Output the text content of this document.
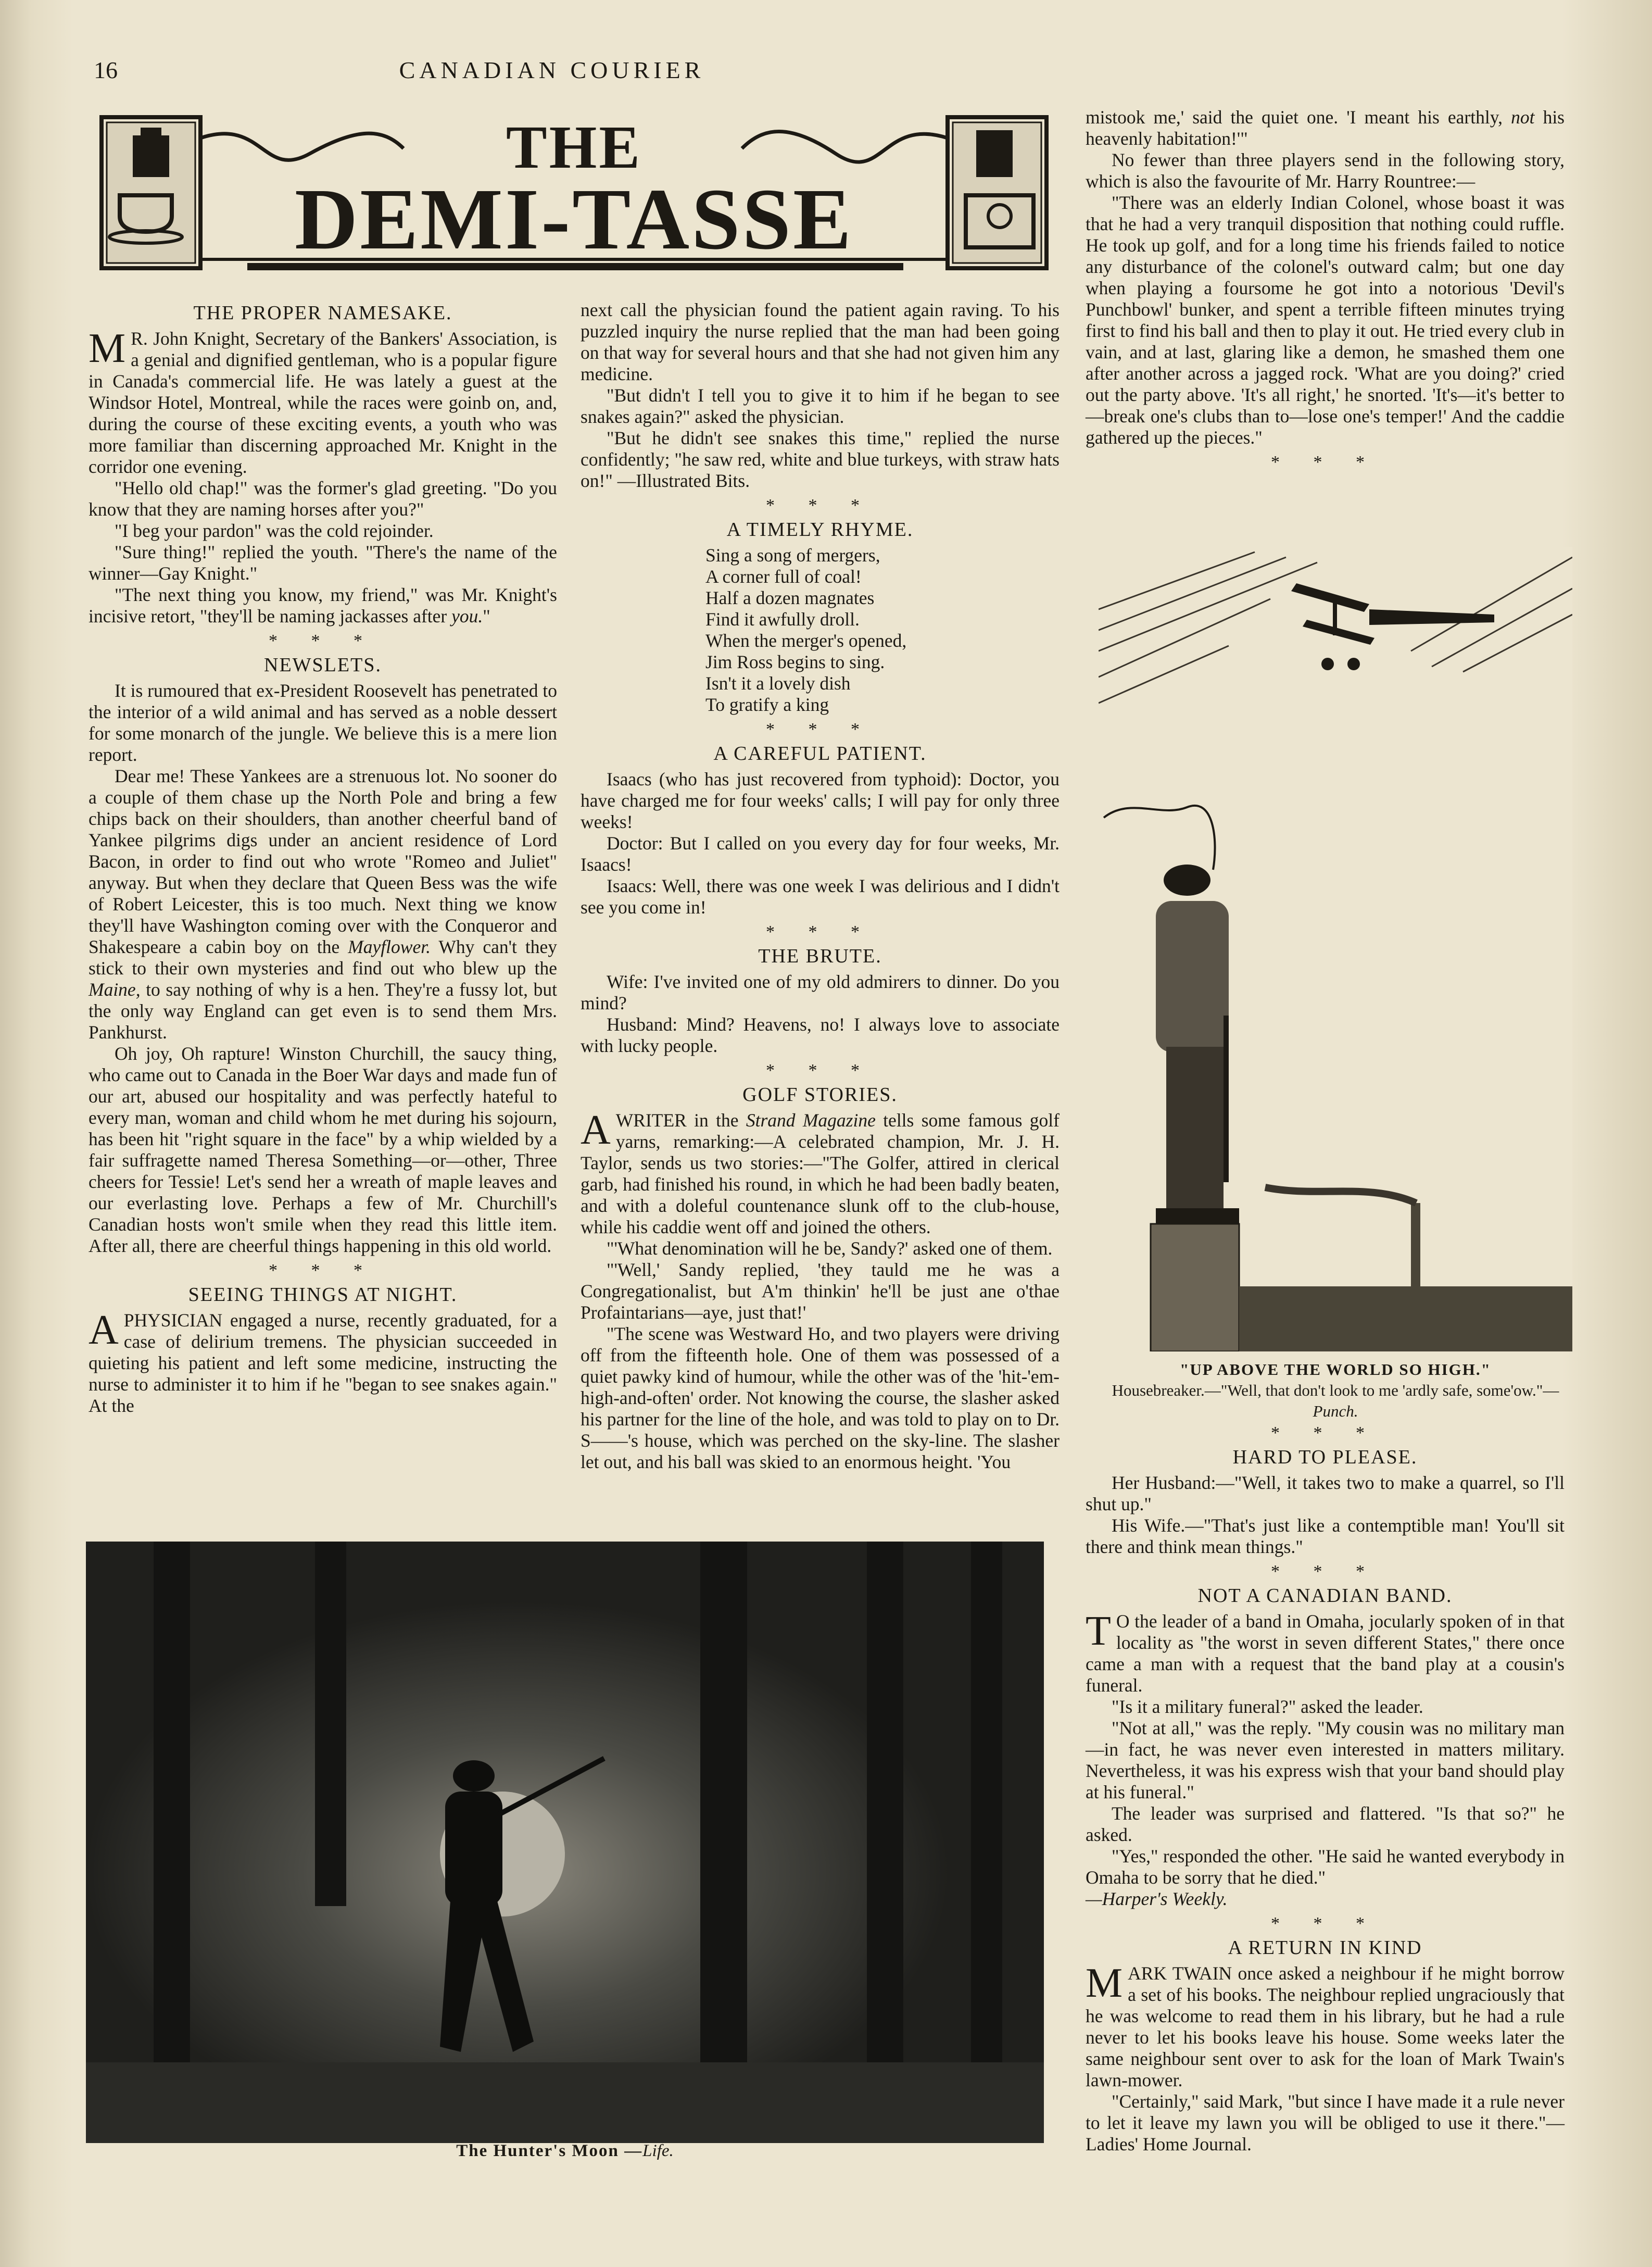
16	CANADIAN COURIER
THE
DEMI-TASSE
THE PROPER NAMESAKE.

M R. John Knight, Secretary of the Bankers' Association, is a genial and dignified gentleman, who is a popular figure in Canada's commercial life. He was lately a guest at the Windsor Hotel, Montreal, while the races were goinb on, and, during the course of these exciting events, a youth who was more familiar than discerning approached Mr. Knight in the corridor one evening.

"Hello old chap!" was the former's glad greeting. "Do you know that they are naming horses after you?"

"I beg your pardon" was the cold rejoinder.

"Sure thing!" replied the youth. "There's the name of the winner—Gay Knight."

"The next thing you know, my friend," was Mr. Knight's incisive retort, "they'll be naming jackasses after you."

* * *
NEWSLETS.

It is rumoured that ex-President Roosevelt has penetrated to the interior of a wild animal and has served as a noble dessert for some monarch of the jungle. We believe this is a mere lion report.

Dear me! These Yankees are a strenuous lot. No sooner do a couple of them chase up the North Pole and bring a few chips back on their shoulders, than another cheerful band of Yankee pilgrims digs under an ancient residence of Lord Bacon, in order to find out who wrote "Romeo and Juliet" anyway. But when they declare that Queen Bess was the wife of Robert Leicester, this is too much. Next thing we know they'll have Washington coming over with the Conqueror and Shakespeare a cabin boy on the Mayflower. Why can't they stick to their own mysteries and find out who blew up the Maine, to say nothing of why is a hen. They're a fussy lot, but the only way England can get even is to send them Mrs. Pankhurst.

Oh joy, Oh rapture! Winston Churchill, the saucy thing, who came out to Canada in the Boer War days and made fun of our art, abused our hospitality and was perfectly hateful to every man, woman and child whom he met during his sojourn, has been hit "right square in the face" by a whip wielded by a fair suffragette named Theresa Something—or—other, Three cheers for Tessie! Let's send her a wreath of maple leaves and our everlasting love. Perhaps a few of Mr. Churchill's Canadian hosts won't smile when they read this little item. After all, there are cheerful things happening in this old world.

* * *
SEEING THINGS AT NIGHT.

APHYSICIAN engaged a nurse, recently graduated, for a case of delirium tremens. The physician succeeded in quieting his patient and left some medicine, instructing the nurse to administer it to him if he "began to see snakes again." At the

next call the physician found the patient again raving. To his puzzled inquiry the nurse replied that the man had been going on that way for several hours and that she had not given him any medicine.

"But didn't I tell you to give it to him if he began to see snakes again?" asked the physician.

"But he didn't see snakes this time," replied the nurse confidently; "he saw red, white and blue turkeys, with straw hats on!" —Illustrated Bits.

* * *
A TIMELY RHYME.
Sing a song of mergers,
A corner full of coal!
Half a dozen magnates
Find it awfully droll.
When the merger's opened,
Jim Ross begins to sing.
Isn't it a lovely dish
To gratify a king
* * *
A CAREFUL PATIENT.

Isaacs (who has just recovered from typhoid): Doctor, you have charged me for four weeks' calls; I will pay for only three weeks!

Doctor: But I called on you every day for four weeks, Mr. Isaacs!

Isaacs: Well, there was one week I was delirious and I didn't see you come in!

* * *
THE BRUTE.

Wife: I've invited one of my old admirers to dinner. Do you mind?

Husband: Mind? Heavens, no! I always love to associate with lucky people.

* * *
GOLF STORIES.

AWRITER in the Strand Magazine tells some famous golf yarns, remarking:—A celebrated champion, Mr. J. H. Taylor, sends us two stories:—"The Golfer, attired in clerical garb, had finished his round, in which he had been badly beaten, and with a doleful countenance slunk off to the club-house, while his caddie went off and joined the others.

"'What denomination will he be, Sandy?' asked one of them.

"'Well,' Sandy replied, 'they tauld me he was a Congregationalist, but A'm thinkin' he'll be just ane o'thae Profaintarians—aye, just that!'

"The scene was Westward Ho, and two players were driving off from the fifteenth hole. One of them was possessed of a quiet pawky kind of humour, while the other was of the 'hit-'em-high-and-often' order. Not knowing the course, the slasher asked his partner for the line of the hole, and was told to play on to Dr. S——'s house, which was perched on the sky-line. The slasher let out, and his ball was skied to an enormous height. 'You

mistook me,' said the quiet one. 'I meant his earthly, not his heavenly habitation!'"

No fewer than three players send in the following story, which is also the favourite of Mr. Harry Rountree:—

"There was an elderly Indian Colonel, whose boast it was that he had a very tranquil disposition that nothing could ruffle. He took up golf, and for a long time his friends failed to notice any disturbance of the colonel's outward calm; but one day when playing a foursome he got into a notorious 'Devil's Punchbowl' bunker, and spent a terrible fifteen minutes trying first to find his ball and then to play it out. He tried every club in vain, and at last, glaring like a demon, he smashed them one after another across a jagged rock. 'What are you doing?' cried out the party above. 'It's all right,' he snorted. 'It's—it's better to—break one's clubs than to—lose one's temper!' And the caddie gathered up the pieces."

* * *
"UP ABOVE THE WORLD SO HIGH."
Housebreaker.—"Well, that don't look to me 'ardly safe, some'ow."—Punch.
* * *
HARD TO PLEASE.

Her Husband:—"Well, it takes two to make a quarrel, so I'll shut up."

His Wife.—"That's just like a contemptible man! You'll sit there and think mean things."

* * *
NOT A CANADIAN BAND.

T O the leader of a band in Omaha, jocularly spoken of in that locality as "the worst in seven different States," there once came a man with a request that the band play at a cousin's funeral.

"Is it a military funeral?" asked the leader.

"Not at all," was the reply. "My cousin was no military man—in fact, he was never even interested in matters military. Nevertheless, it was his express wish that your band should play at his funeral."

The leader was surprised and flattered. "Is that so?" he asked.

"Yes," responded the other. "He said he wanted everybody in Omaha to be sorry that he died."

—Harper's Weekly.

* * *
A RETURN IN KIND

MARK TWAIN once asked a neighbour if he might borrow a set of his books. The neighbour replied ungraciously that he was welcome to read them in his library, but he had a rule never to let his books leave his house. Some weeks later the same neighbour sent over to ask for the loan of Mark Twain's lawn-mower.

"Certainly," said Mark, "but since I have made it a rule never to let it leave my lawn you will be obliged to use it there."—Ladies' Home Journal.

The Hunter's Moon —Life.
